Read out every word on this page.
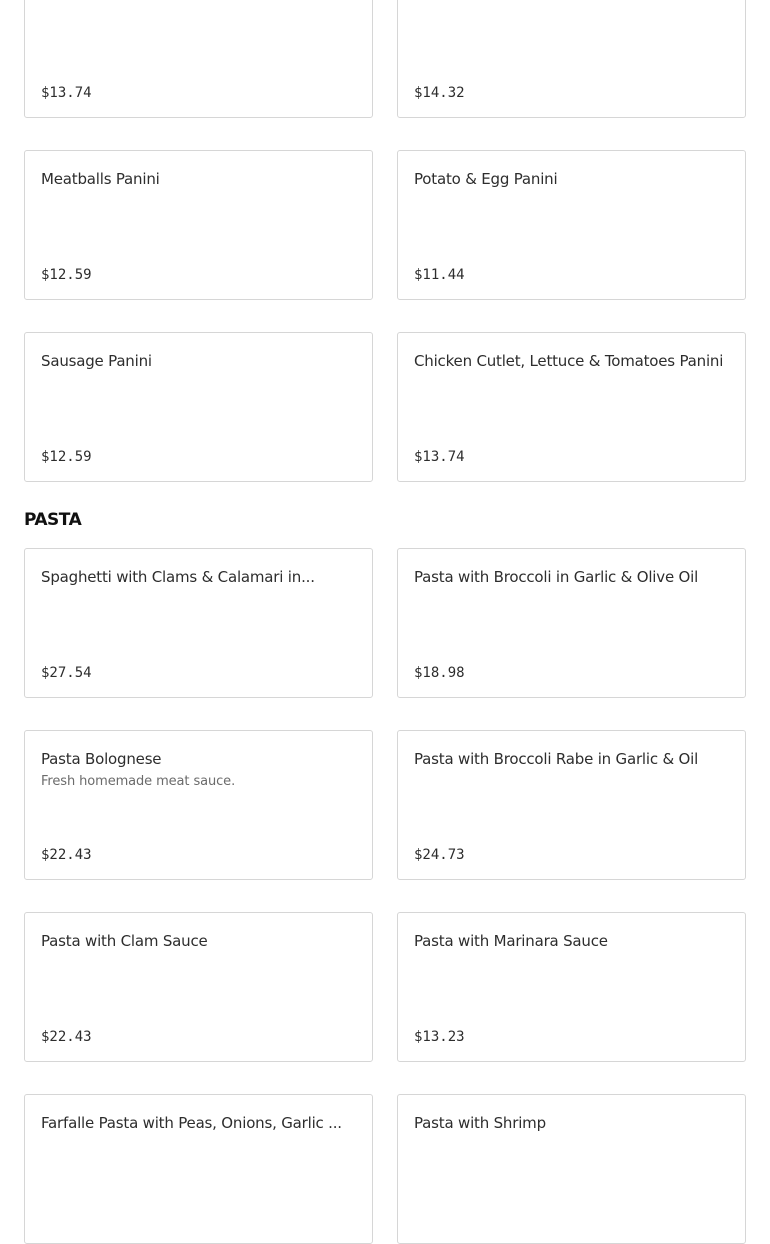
$13.74	$14.32
Meatballs Panini
$12.59
Potato & Egg Panini
$11.44
Sausage Panini
$12.59
Chicken Cutlet, Lettuce & Tomatoes Panini
$13.74
PASTA
Spaghetti with Clams & Calamari in...
$27.54
Pasta with Broccoli in Garlic & Olive Oil
$18.98
Pasta Bolognese
Fresh homemade meat sauce.
$22.43
Pasta with Broccoli Rabe in Garlic & Oil
$24.73
Pasta with Clam Sauce
$22.43
Pasta with Marinara Sauce
$13.23
Farfalle Pasta with Peas, Onions, Garlic ...	Pasta with Shrimp
